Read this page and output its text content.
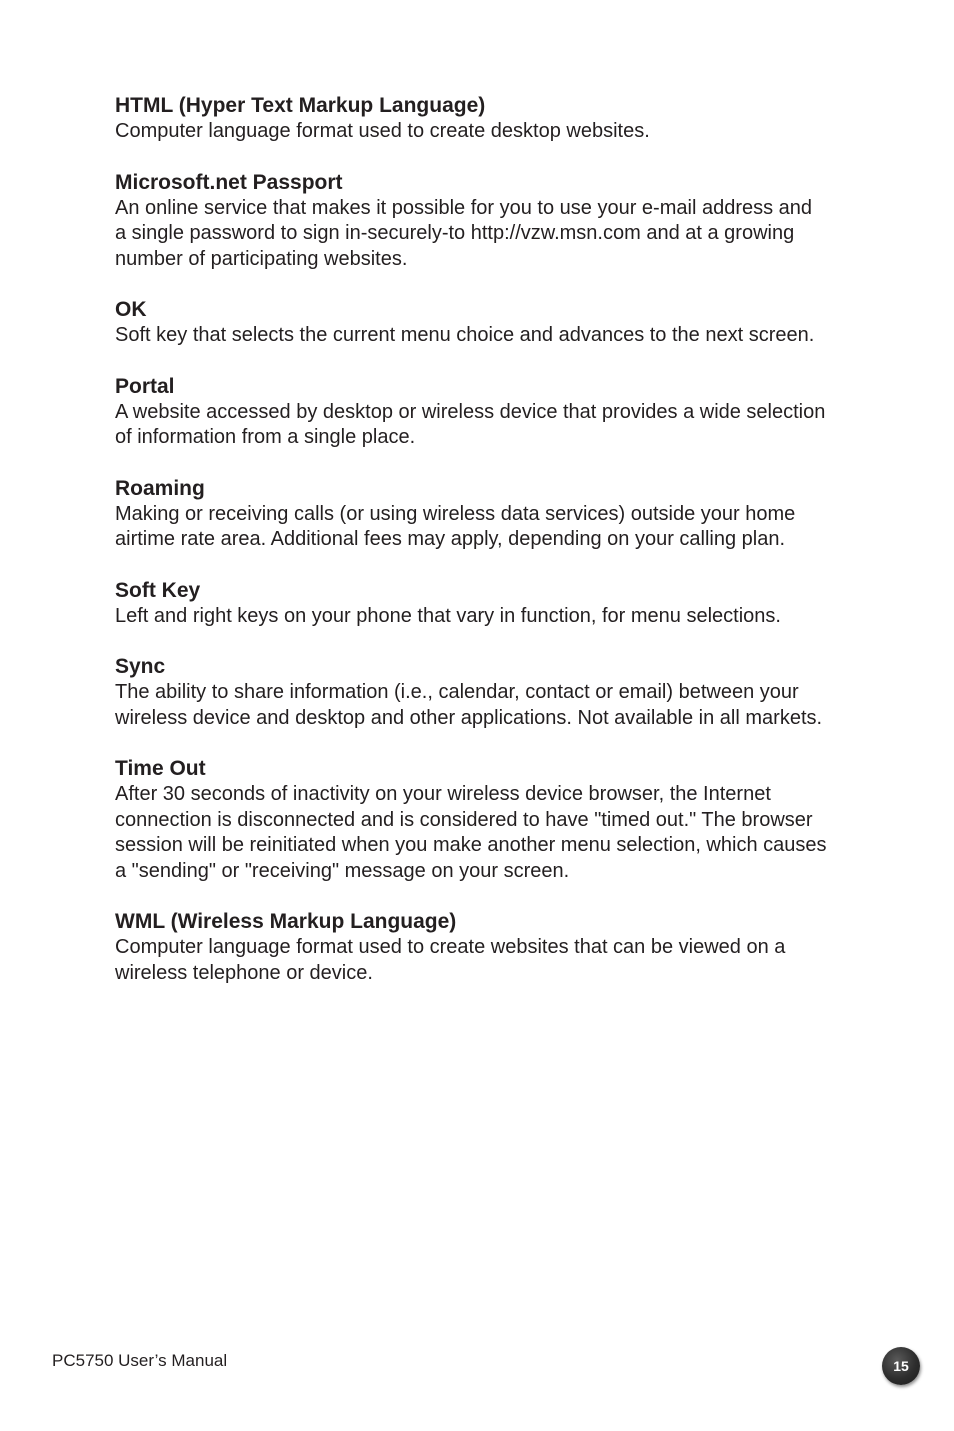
HTML (Hyper Text Markup Language)

Computer language format used to create desktop websites.

Microsoft.net Passport

An online service that makes it possible for you to use your e-mail address and
a single password to sign in-securely-to http://vzw.msn.com and at a growing
number of participating websites.

OK

Soft key that selects the current menu choice and advances to the next screen.

Portal

A website accessed by desktop or wireless device that provides a wide selection
of information from a single place.

Roaming

Making or receiving calls (or using wireless data services) outside your home
airtime rate area. Additional fees may apply, depending on your calling plan.

Soft Key

Left and right keys on your phone that vary in function, for menu selections.

Sync

The ability to share information (i.e., calendar, contact or email) between your
wireless device and desktop and other applications. Not available in all markets.

Time Out

After 30 seconds of inactivity on your wireless device browser, the Internet
connection is disconnected and is considered to have "timed out." The browser
session will be reinitiated when you make another menu selection, which causes
a "sending" or "receiving" message on your screen.

WML (Wireless Markup Language)

Computer language format used to create websites that can be viewed on a
wireless telephone or device.

PC5750 User’s Manual	15
